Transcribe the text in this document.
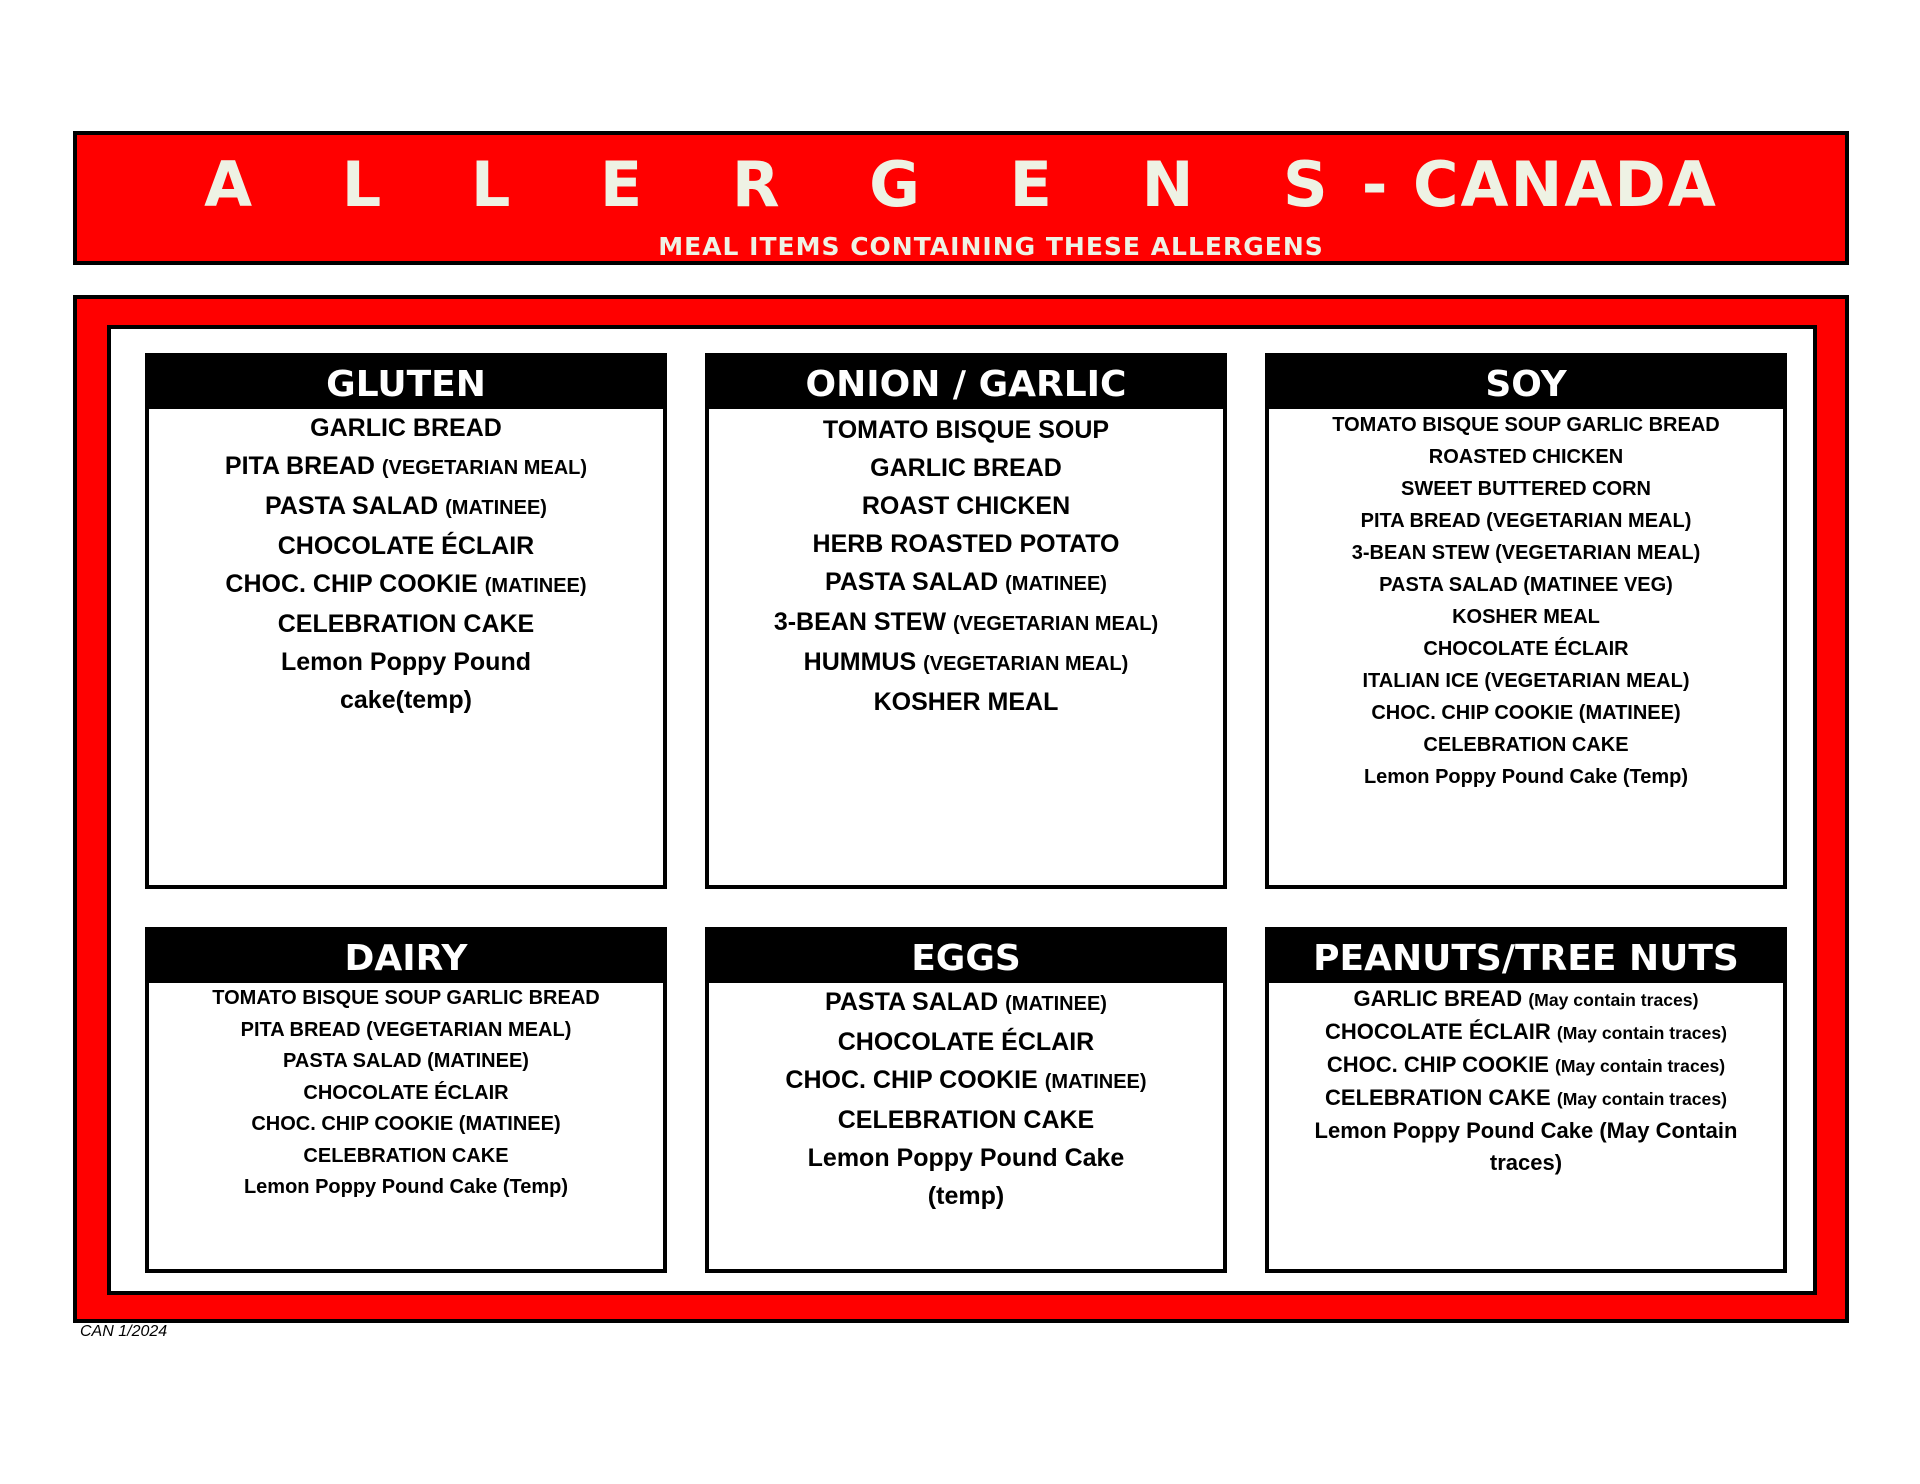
A L L E R G E N S- CANADA
MEAL ITEMS CONTAINING THESE ALLERGENS
GLUTEN
GARLIC BREAD
PITA BREAD (VEGETARIAN MEAL)
PASTA SALAD (MATINEE)
CHOCOLATE ÉCLAIR
CHOC. CHIP COOKIE (MATINEE)
CELEBRATION CAKE
Lemon Poppy Pound cake(temp)
ONION / GARLIC
TOMATO BISQUE SOUP
GARLIC BREAD
ROAST CHICKEN
HERB ROASTED POTATO
PASTA SALAD (MATINEE)
3-BEAN STEW (VEGETARIAN MEAL)
HUMMUS (VEGETARIAN MEAL)
KOSHER MEAL
SOY
TOMATO BISQUE SOUP GARLIC BREAD
ROASTED CHICKEN
SWEET BUTTERED CORN
PITA BREAD (VEGETARIAN MEAL)
3-BEAN STEW (VEGETARIAN MEAL)
PASTA SALAD (MATINEE VEG)
KOSHER MEAL
CHOCOLATE ÉCLAIR
ITALIAN ICE (VEGETARIAN MEAL)
CHOC. CHIP COOKIE (MATINEE)
CELEBRATION CAKE
Lemon Poppy Pound Cake (Temp)
DAIRY
TOMATO BISQUE SOUP GARLIC BREAD
PITA BREAD (VEGETARIAN MEAL)
PASTA SALAD (MATINEE)
CHOCOLATE ÉCLAIR
CHOC. CHIP COOKIE (MATINEE)
CELEBRATION CAKE
Lemon Poppy Pound Cake (Temp)
EGGS
PASTA SALAD (MATINEE)
CHOCOLATE ÉCLAIR
CHOC. CHIP COOKIE (MATINEE)
CELEBRATION CAKE
Lemon Poppy Pound Cake (temp)
PEANUTS/TREE NUTS
GARLIC BREAD (May contain traces)
CHOCOLATE ÉCLAIR (May contain traces)
CHOC. CHIP COOKIE (May contain traces)
CELEBRATION CAKE (May contain traces)
Lemon Poppy Pound Cake (May Contain traces)
CAN 1/2024
